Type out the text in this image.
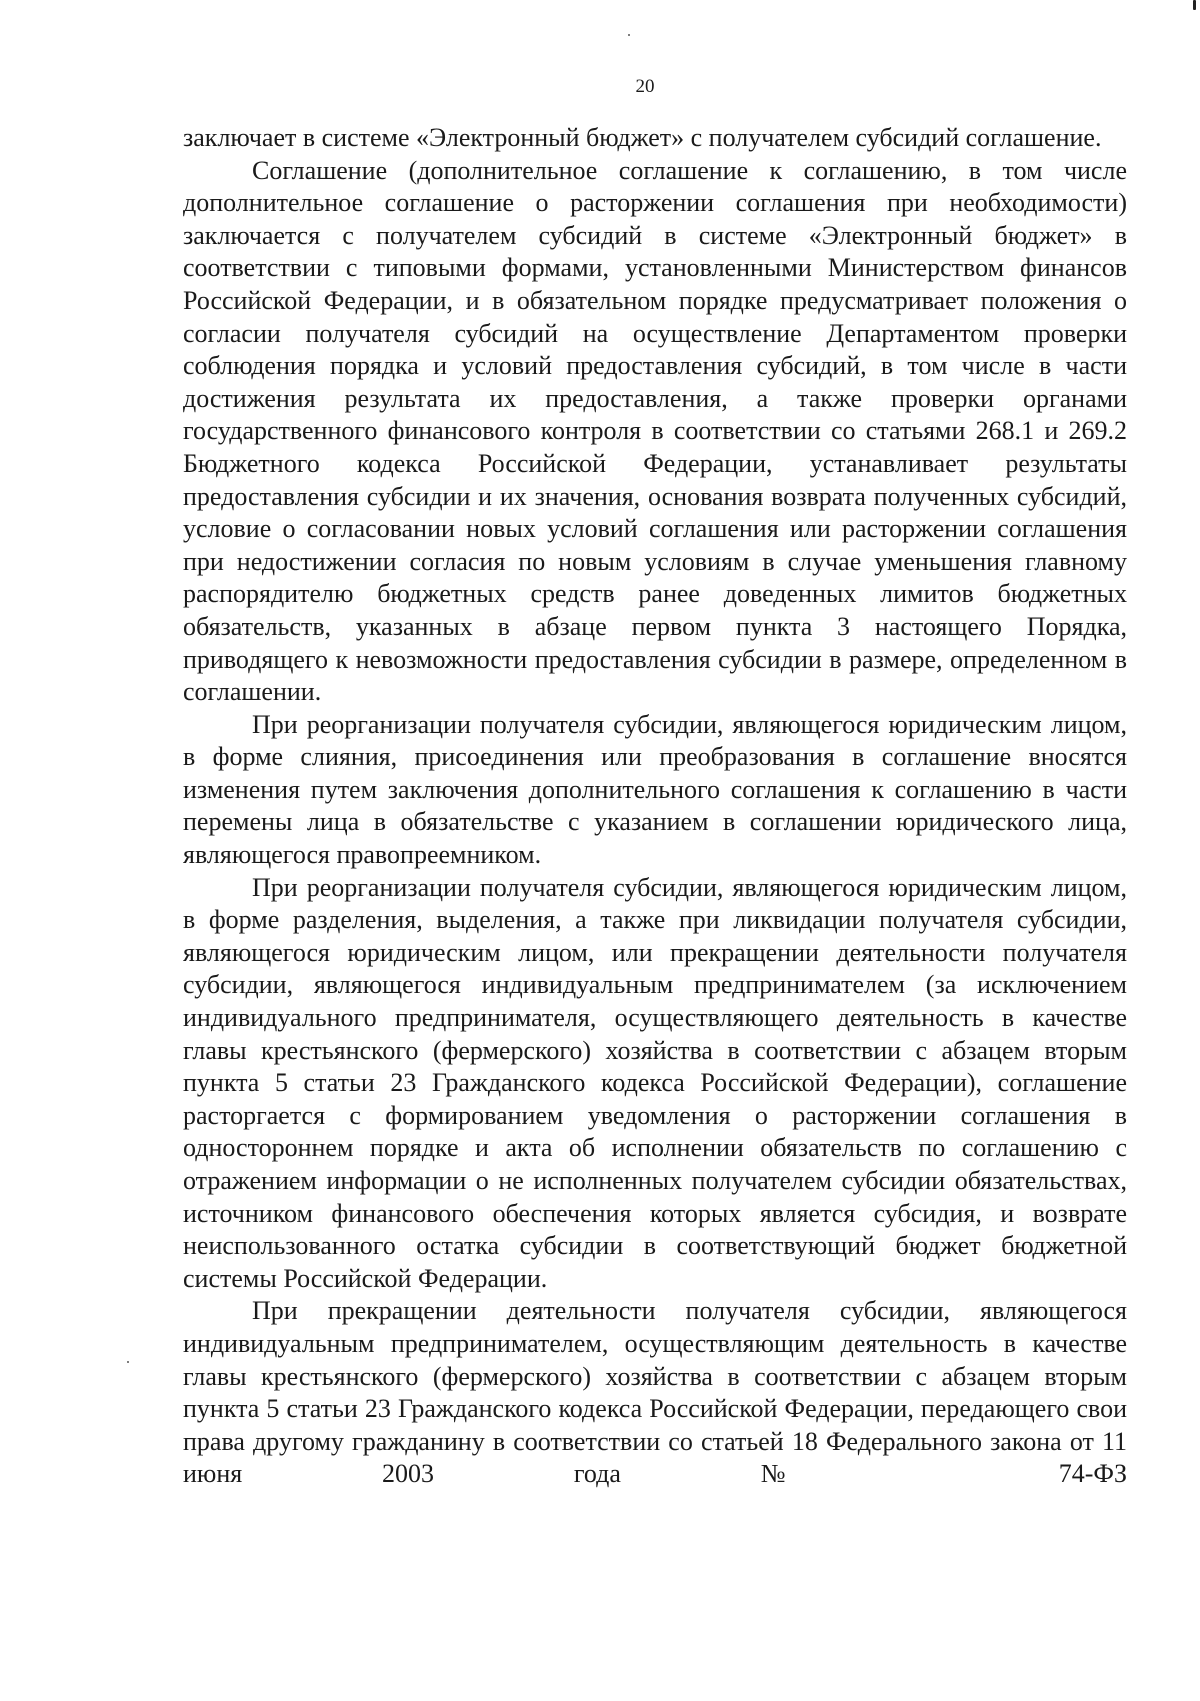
20

заключает в системе «Электронный бюджет» с получателем субсидий соглашение.

Соглашение (дополнительное соглашение к соглашению, в том числе дополнительное соглашение о расторжении соглашения при необходимости) заключается с получателем субсидий в системе «Электронный бюджет» в соответствии с типовыми формами, установленными Министерством финансов Российской Федерации, и в обязательном порядке предусматривает положения о согласии получателя субсидий на осуществление Департаментом проверки соблюдения порядка и условий предоставления субсидий, в том числе в части достижения результата их предоставления, а также проверки органами государственного финансового контроля в соответствии со статьями 268.1 и 269.2 Бюджетного кодекса Российской Федерации, устанавливает результаты предоставления субсидии и их значения, основания возврата полученных субсидий, условие о согласовании новых условий соглашения или расторжении соглашения при недостижении согласия по новым условиям в случае уменьшения главному распорядителю бюджетных средств ранее доведенных лимитов бюджетных обязательств, указанных в абзаце первом пункта 3 настоящего Порядка, приводящего к невозможности предоставления субсидии в размере, определенном в соглашении.

При реорганизации получателя субсидии, являющегося юридическим лицом, в форме слияния, присоединения или преобразования в соглашение вносятся изменения путем заключения дополнительного соглашения к соглашению в части перемены лица в обязательстве с указанием в соглашении юридического лица, являющегося правопреемником.

При реорганизации получателя субсидии, являющегося юридическим лицом, в форме разделения, выделения, а также при ликвидации получателя субсидии, являющегося юридическим лицом, или прекращении деятельности получателя субсидии, являющегося индивидуальным предпринимателем (за исключением индивидуального предпринимателя, осуществляющего деятельность в качестве главы крестьянского (фермерского) хозяйства в соответствии с абзацем вторым пункта 5 статьи 23 Гражданского кодекса Российской Федерации), соглашение расторгается с формированием уведомления о расторжении соглашения в одностороннем порядке и акта об исполнении обязательств по соглашению с отражением информации о не исполненных получателем субсидии обязательствах, источником финансового обеспечения которых является субсидия, и возврате неиспользованного остатка субсидии в соответствующий бюджет бюджетной системы Российской Федерации.

При прекращении деятельности получателя субсидии, являющегося индивидуальным предпринимателем, осуществляющим деятельность в качестве главы крестьянского (фермерского) хозяйства в соответствии с абзацем вторым пункта 5 статьи 23 Гражданского кодекса Российской Федерации, передающего свои права другому гражданину в соответствии со статьей 18 Федерального закона от 11 июня 2003 года № 74-ФЗ
